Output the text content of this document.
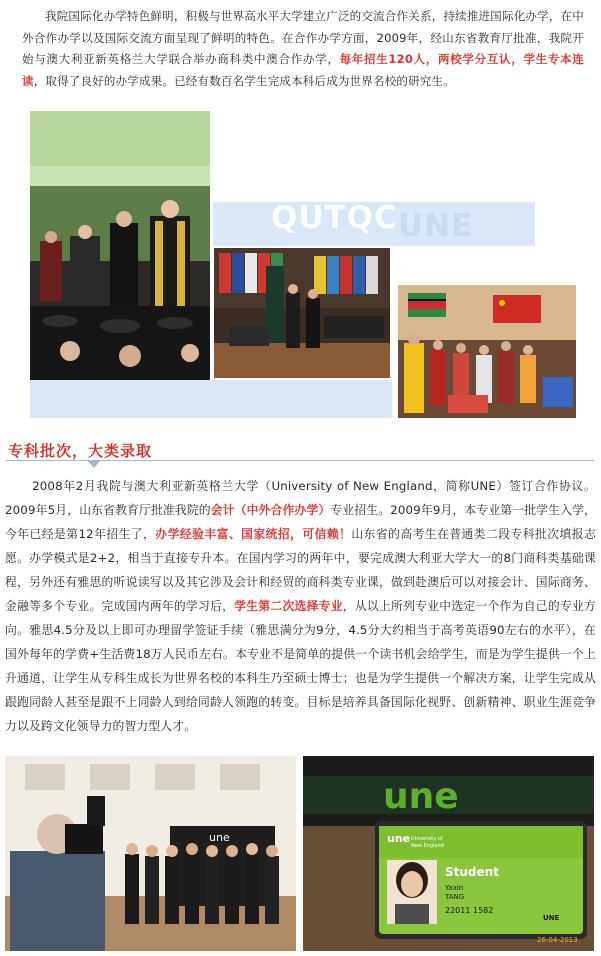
我院国际化办学特色鲜明，积极与世界高水平大学建立广泛的交流合作关系，持续推进国际化办学，在中外合作办学以及国际交流方面呈现了鲜明的特色。在合作办学方面，2009年，经山东省教育厅批准，我院开始与澳大利亚新英格兰大学联合举办商科类中澳合作办学，每年招生120人，两校学分互认，学生专本连读，取得了良好的办学成果。已经有数百名学生完成本科后成为世界名校的研究生。
QUTQC UNE
专科批次，大类录取
2008年2月我院与澳大利亚新英格兰大学（University of New England，简称UNE）签订合作协议。2009年5月，山东省教育厅批准我院的会计（中外合作办学）专业招生。2009年9月，本专业第一批学生入学，今年已经是第12年招生了，办学经验丰富、国家统招，可信赖！山东省的高考生在普通类二段专科批次填报志愿。办学模式是2+2，相当于直接专升本。在国内学习的两年中，要完成澳大利亚大学大一的8门商科类基础课程，另外还有雅思的听说读写以及其它涉及会计和经贸的商科类专业课，做到赴澳后可以对接会计、国际商务、金融等多个专业。完成国内两年的学习后，学生第二次选择专业，从以上所列专业中选定一个作为自己的专业方向。雅思4.5分及以上即可办理留学签证手续（雅思满分为9分，4.5分大约相当于高考英语90左右的水平），在国外每年的学费+生活费18万人民币左右。本专业不是简单的提供一个读书机会给学生，而是为学生提供一个上升通道，让学生从专科生成长为世界名校的本科生乃至硕士博士；也是为学生提供一个解决方案，让学生完成从跟跑同龄人甚至是跟不上同龄人到给同龄人领跑的转变。目标是培养具备国际化视野、创新精神、职业生涯竞争力以及跨文化领导力的智力型人才。
une
une
une University of
New England
Student
Yaxin
TANG
22011 1582
UNE
26-04-2013
